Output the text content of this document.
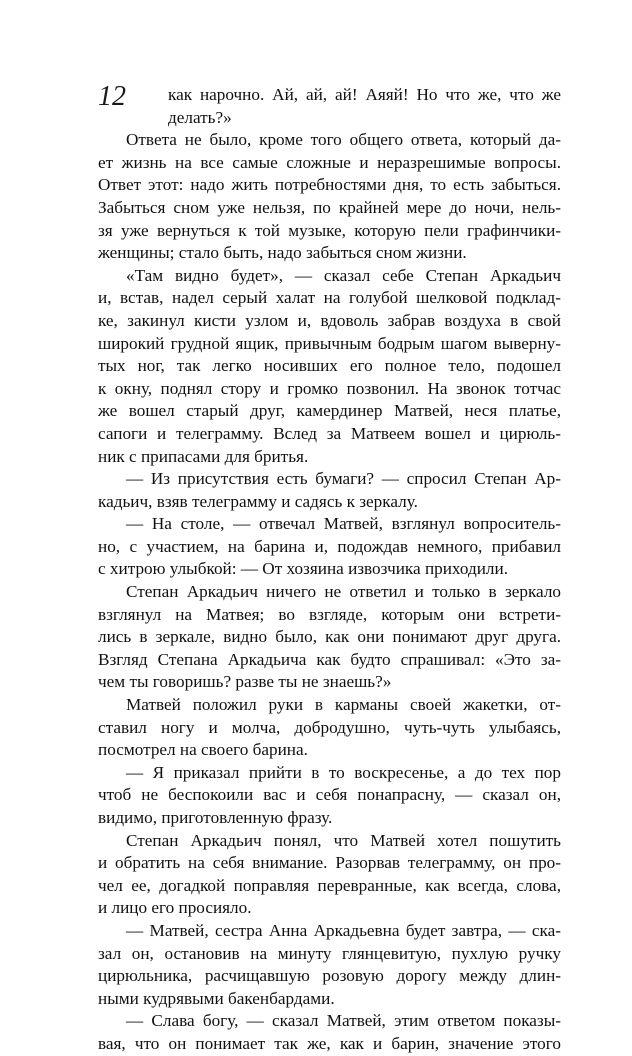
12 как нарочно. Ай, ай, ай! Аяяй! Но что же, что же
делать?»
Ответа не было, кроме того общего ответа, который да-
ет жизнь на все самые сложные и неразрешимые вопросы.
Ответ этот: надо жить потребностями дня, то есть забыться.
Забыться сном уже нельзя, по крайней мере до ночи, нель-
зя уже вернуться к той музыке, которую пели графинчики-
женщины; стало быть, надо забыться сном жизни.
«Там видно будет», — сказал себе Степан Аркадьич
и, встав, надел серый халат на голубой шелковой подклад-
ке, закинул кисти узлом и, вдоволь забрав воздуха в свой
широкий грудной ящик, привычным бодрым шагом выверну-
тых ног, так легко носивших его полное тело, подошел
к окну, поднял стору и громко позвонил. На звонок тотчас
же вошел старый друг, камердинер Матвей, неся платье,
сапоги и телеграмму. Вслед за Матвеем вошел и цирюль-
ник с припасами для бритья.
— Из присутствия есть бумаги? — спросил Степан Ар-
кадьич, взяв телеграмму и садясь к зеркалу.
— На столе, — отвечал Матвей, взглянул вопроситель-
но, с участием, на барина и, подождав немного, прибавил
с хитрою улыбкой: — От хозяина извозчика приходили.
Степан Аркадьич ничего не ответил и только в зеркало
взглянул на Матвея; во взгляде, которым они встрети-
лись в зеркале, видно было, как они понимают друг друга.
Взгляд Степана Аркадьича как будто спрашивал: «Это за-
чем ты говоришь? разве ты не знаешь?»
Матвей положил руки в карманы своей жакетки, от-
ставил ногу и молча, добродушно, чуть-чуть улыбаясь,
посмотрел на своего барина.
— Я приказал прийти в то воскресенье, а до тех пор
чтоб не беспокоили вас и себя понапрасну, — сказал он,
видимо, приготовленную фразу.
Степан Аркадьич понял, что Матвей хотел пошутить
и обратить на себя внимание. Разорвав телеграмму, он про-
чел ее, догадкой поправляя перевранные, как всегда, слова,
и лицо его просияло.
— Матвей, сестра Анна Аркадьевна будет завтра, — ска-
зал он, остановив на минуту глянцевитую, пухлую ручку
цирюльника, расчищавшую розовую дорогу между длин-
ными кудрявыми бакенбардами.
— Слава богу, — сказал Матвей, этим ответом показы-
вая, что он понимает так же, как и барин, значение этого
